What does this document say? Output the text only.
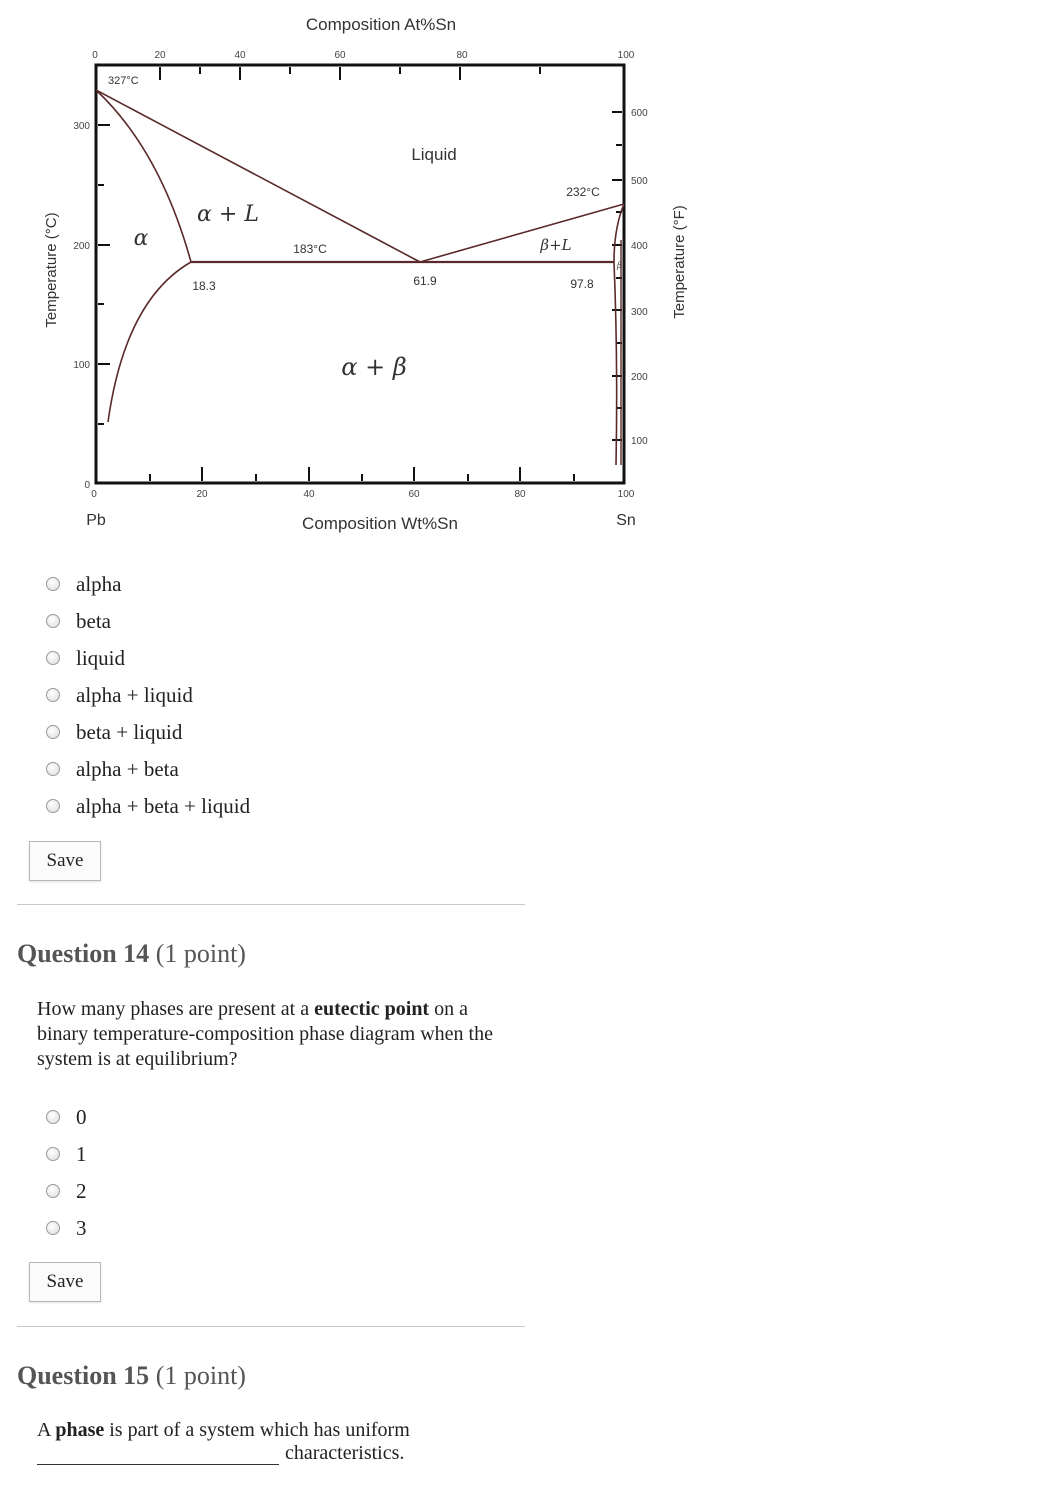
0	20	40	60	80	100
0	20	40	60	80	100
0
100
200
300
100
200
300
400
500
600
Composition At%Sn
Composition Wt%Sn
Temperature (°C)	Temperature (°F)
Pb	Sn
327°C
Liquid
232°C
α
α + L
183°C	β+L
18.3	61.9	97.8
α + β
β
alpha
beta
liquid
alpha + liquid
beta + liquid
alpha + beta
alpha + beta + liquid
Save
Question 14 (1 point)
How many phases are present at a eutectic point on a binary temperature-composition phase diagram when the system is at equilibrium?
0
1
2
3
Save
Question 15 (1 point)
A phase is part of a system which has uniform
characteristics.
